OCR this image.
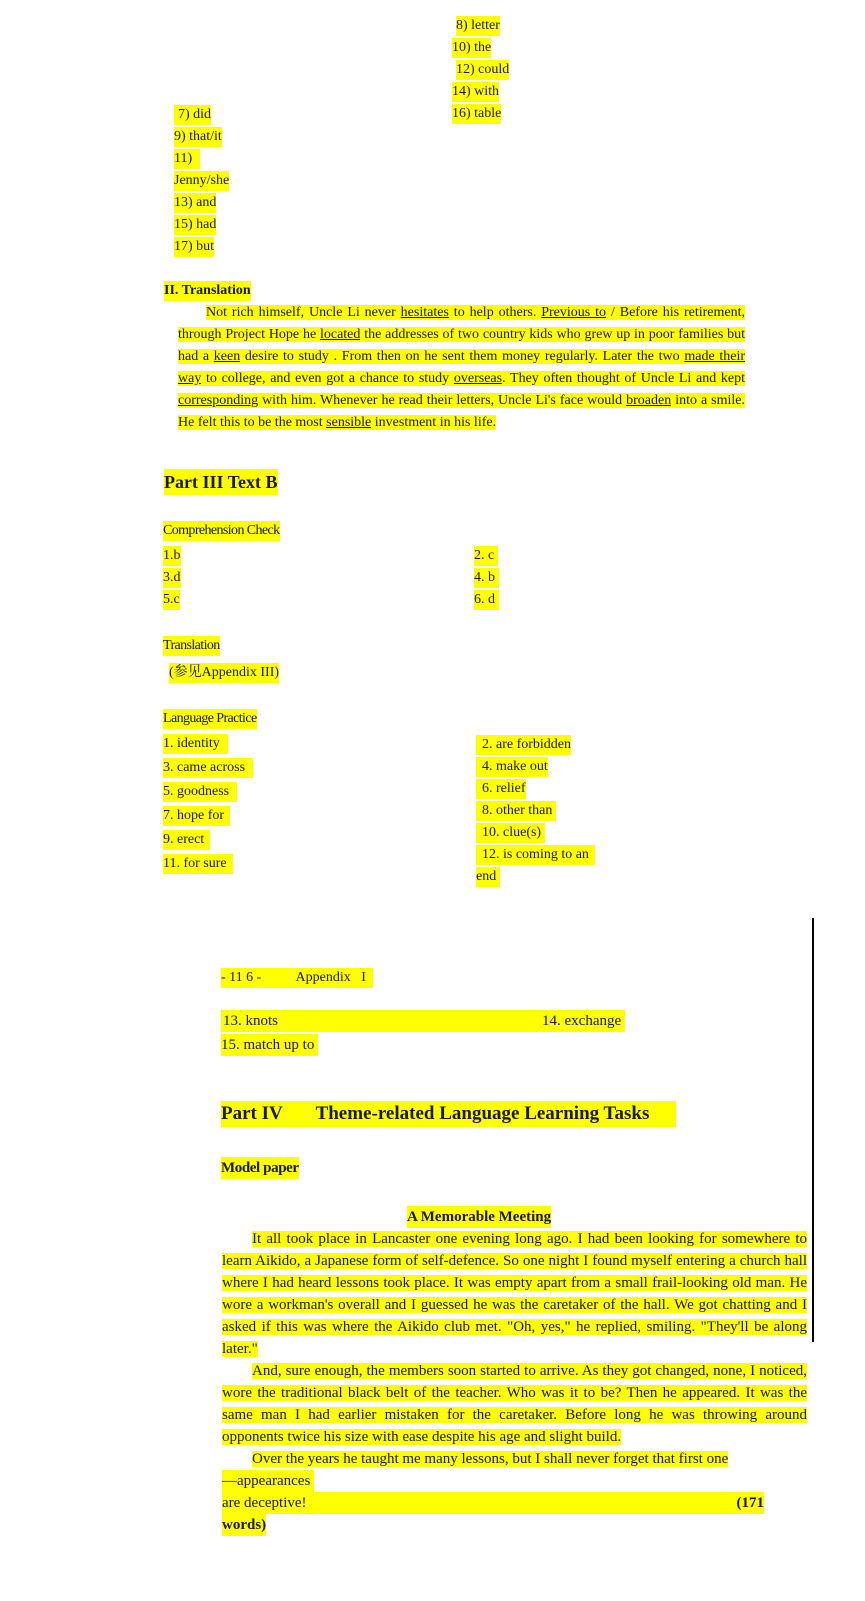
8) letter
10) the
12) could
14) with
16) table
7) did
9) that/it
11)
Jenny/she
13) and
15) had
17) but
II. Translation
Not rich himself, Uncle Li never hesitates to help others. Previous to / Before his retirement, through Project Hope he located the addresses of two country kids who grew up in poor families but had a keen desire to study . From then on he sent them money regularly. Later the two made their way to college, and even got a chance to study overseas. They often thought of Uncle Li and kept corresponding with him. Whenever he read their letters, Uncle Li's face would broaden into a smile. He felt this to be the most sensible investment in his life.
Part III Text B
Comprehension Check
1.b
3.d
5.c
2. c
4. b
6. d
Translation
(参见Appendix III)
Language Practice
1. identity
3. came across
5. goodness
7. hope for
9. erect
11. for sure
2. are forbidden
4. make out
6. relief
8. other than
10. clue(s)
12. is coming to an
end
- 11 6 - Appendix   I
13. knots	14. exchange
15. match up to
Part IV Theme-related Language Learning Tasks
Model paper
A Memorable Meeting
It all took place in Lancaster one evening long ago. I had been looking for somewhere to learn Aikido, a Japanese form of self-defence. So one night I found myself entering a church hall where I had heard lessons took place. It was empty apart from a small frail-looking old man. He wore a workman's overall and I guessed he was the caretaker of the hall. We got chatting and I asked if this was where the Aikido club met. "Oh, yes," he replied, smiling. "They'll be along later."
And, sure enough, the members soon started to arrive. As they got changed, none, I noticed, wore the traditional black belt of the teacher. Who was it to be? Then he appeared. It was the same man I had earlier mistaken for the caretaker. Before long he was throwing around opponents twice his size with ease despite his age and slight build.
Over the years he taught me many lessons, but I shall never forget that first one
—appearances
are deceptive!	(171
words)
